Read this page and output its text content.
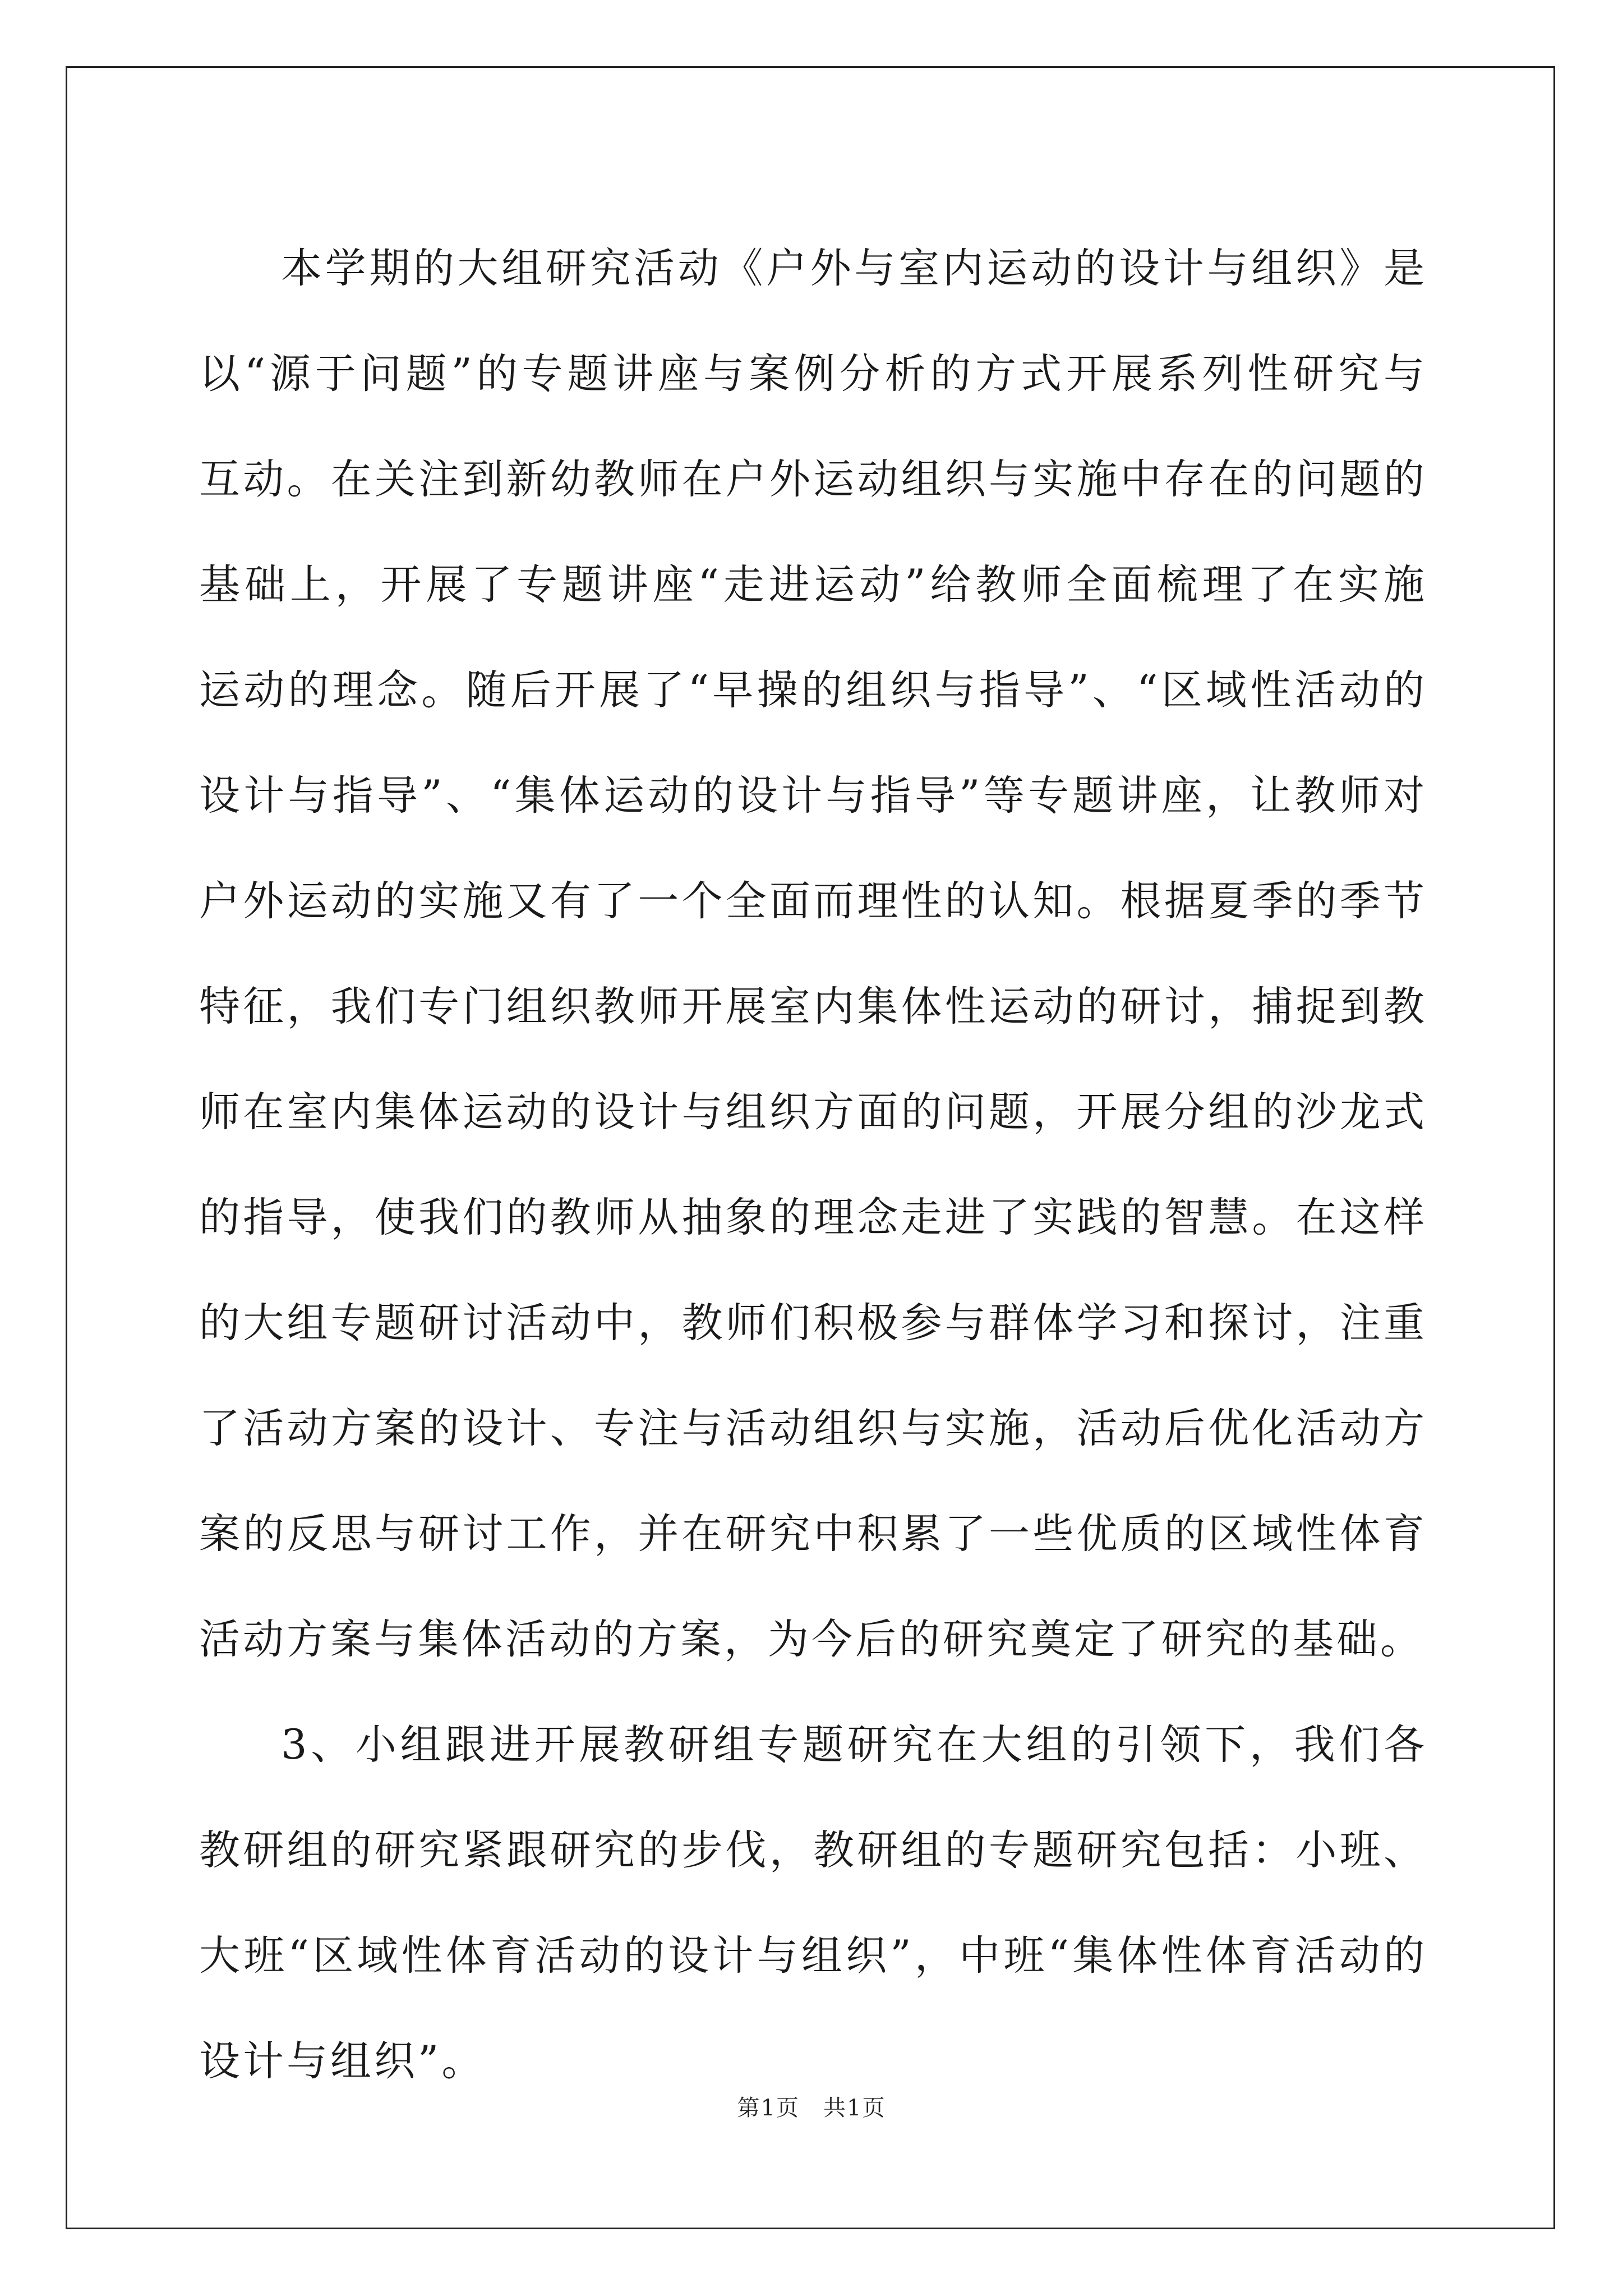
本学期的大组研究活动《户外与室内运动的设计与组织》是以“源于问题”的专题讲座与案例分析的方式开展系列性研究与互动。在关注到新幼教师在户外运动组织与实施中存在的问题的基础上，开展了专题讲座“走进运动”给教师全面梳理了在实施运动的理念。随后开展了“早操的组织与指导”、“区域性活动的设计与指导”、“集体运动的设计与指导”等专题讲座，让教师对户外运动的实施又有了一个全面而理性的认知。根据夏季的季节特征，我们专门组织教师开展室内集体性运动的研讨，捕捉到教师在室内集体运动的设计与组织方面的问题，开展分组的沙龙式的指导，使我们的教师从抽象的理念走进了实践的智慧。在这样的大组专题研讨活动中，教师们积极参与群体学习和探讨，注重了活动方案的设计、专注与活动组织与实施，活动后优化活动方案的反思与研讨工作，并在研究中积累了一些优质的区域性体育活动方案与集体活动的方案，为今后的研究奠定了研究的基础。

3、小组跟进开展教研组专题研究在大组的引领下，我们各教研组的研究紧跟研究的步伐，教研组的专题研究包括：小班、大班“区域性体育活动的设计与组织”，中班“集体性体育活动的设计与组织”。

第1页　共1页
